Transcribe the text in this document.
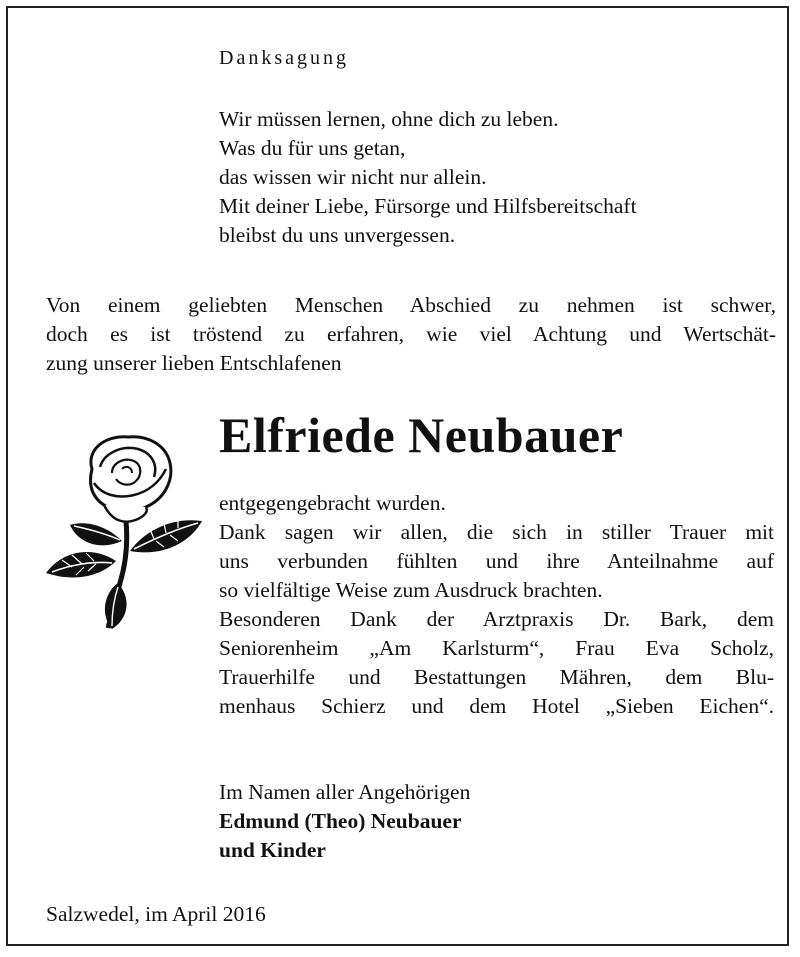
Danksagung
Wir müssen lernen, ohne dich zu leben.
Was du für uns getan,
das wissen wir nicht nur allein.
Mit deiner Liebe, Fürsorge und Hilfsbereitschaft
bleibst du uns unvergessen.
Von einem geliebten Menschen Abschied zu nehmen ist schwer,
doch es ist tröstend zu erfahren, wie viel Achtung und Wertschät-
zung unserer lieben Entschlafenen
Elfriede Neubauer
entgegengebracht wurden.
Dank sagen wir allen, die sich in stiller Trauer mit
uns verbunden fühlten und ihre Anteilnahme auf
so vielfältige Weise zum Ausdruck brachten.
Besonderen Dank der Arztpraxis Dr. Bark, dem
Seniorenheim „Am Karlsturm“, Frau Eva Scholz,
Trauerhilfe und Bestattungen Mähren, dem Blu-
menhaus Schierz und dem Hotel „Sieben Eichen“.
Im Namen aller Angehörigen
Edmund (Theo) Neubauer
und Kinder
Salzwedel, im April 2016
